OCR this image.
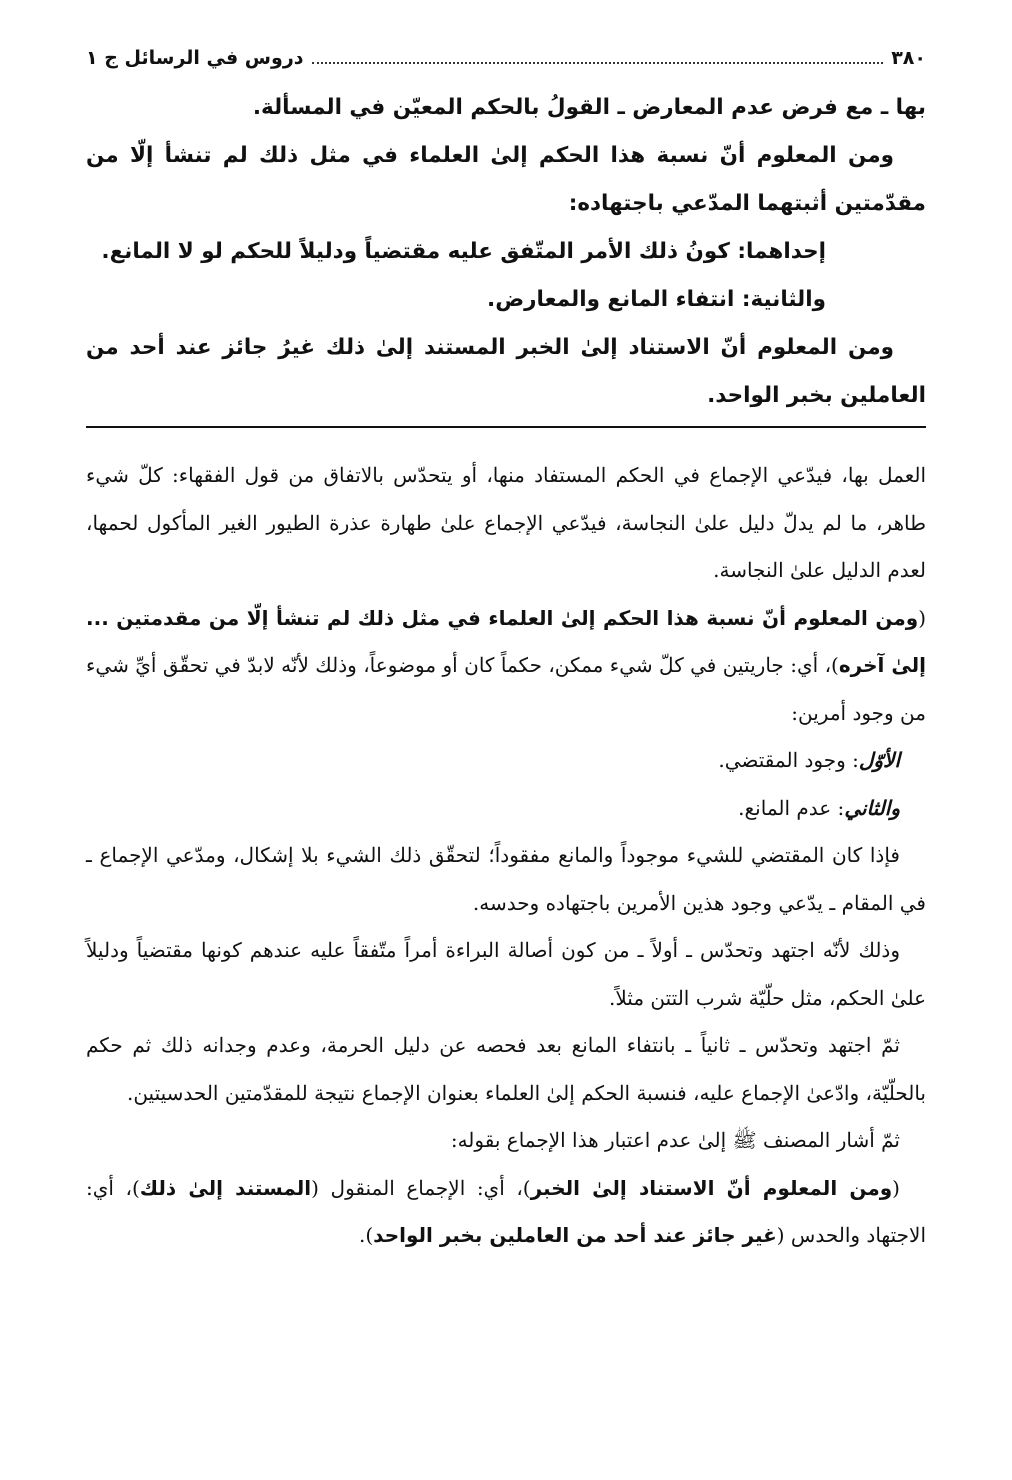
٣٨٠
دروس في الرسائل ج ١

بها ـ مع فرض عدم المعارض ـ القولُ بالحكم المعيّن في المسألة.

ومن المعلوم أنّ نسبة هذا الحكم إلىٰ العلماء في مثل ذلك لم تنشأ إلّا من مقدّمتين أثبتهما المدّعي باجتهاده:

إحداهما: كونُ ذلك الأمر المتّفق عليه مقتضياً ودليلاً للحكم لو لا المانع.

والثانية: انتفاء المانع والمعارض.

ومن المعلوم أنّ الاستناد إلىٰ الخبر المستند إلىٰ ذلك غيرُ جائز عند أحد من العاملين بخبر الواحد.

العمل بها، فيدّعي الإجماع في الحكم المستفاد منها، أو يتحدّس بالاتفاق من قول الفقهاء: كلّ شيء طاهر، ما لم يدلّ دليل علىٰ النجاسة، فيدّعي الإجماع علىٰ طهارة عذرة الطيور الغير المأكول لحمها، لعدم الدليل علىٰ النجاسة.

(ومن المعلوم أنّ نسبة هذا الحكم إلىٰ العلماء في مثل ذلك لم تنشأ إلّا من مقدمتين ... إلىٰ آخره)، أي: جاريتين في كلّ شيء ممكن، حكماً كان أو موضوعاً، وذلك لأنّه لابدّ في تحقّق أيِّ شيء من وجود أمرين:

الأوّل: وجود المقتضي.

والثاني: عدم المانع.

فإذا كان المقتضي للشيء موجوداً والمانع مفقوداً؛ لتحقّق ذلك الشيء بلا إشكال، ومدّعي الإجماع ـ في المقام ـ يدّعي وجود هذين الأمرين باجتهاده وحدسه.

وذلك لأنّه اجتهد وتحدّس ـ أولاً ـ من كون أصالة البراءة أمراً متّفقاً عليه عندهم كونها مقتضياً ودليلاً علىٰ الحكم، مثل حلّيّة شرب التتن مثلاً.

ثمّ اجتهد وتحدّس ـ ثانياً ـ بانتفاء المانع بعد فحصه عن دليل الحرمة، وعدم وجدانه ذلك ثم حكم بالحلّيّة، وادّعىٰ الإجماع عليه، فنسبة الحكم إلىٰ العلماء بعنوان الإجماع نتيجة للمقدّمتين الحدسيتين.

ثمّ أشار المصنف ﷺ إلىٰ عدم اعتبار هذا الإجماع بقوله:

(ومن المعلوم أنّ الاستناد إلىٰ الخبر)، أي: الإجماع المنقول (المستند إلىٰ ذلك)، أي: الاجتهاد والحدس (غير جائز عند أحد من العاملين بخبر الواحد).
